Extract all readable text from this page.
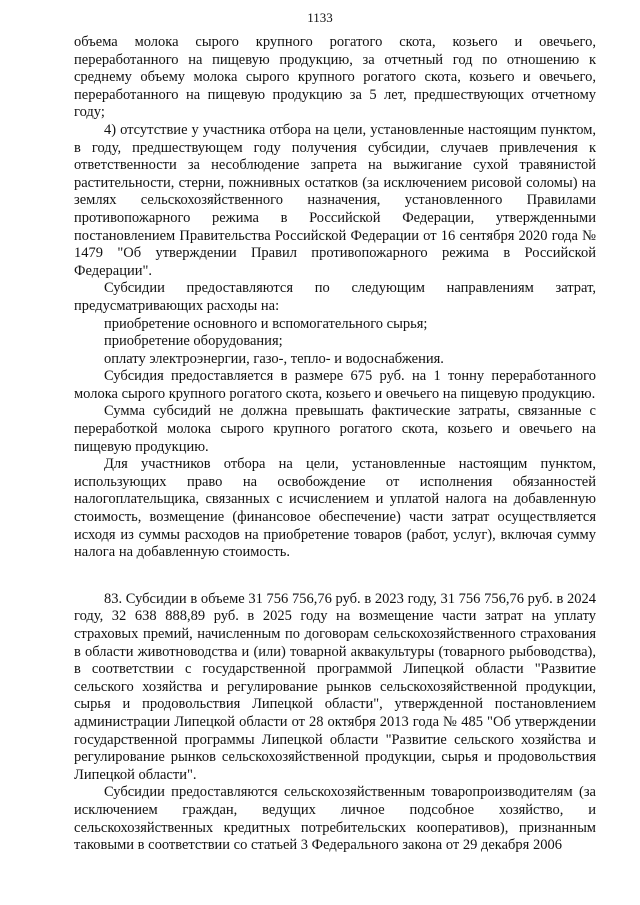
1133

объема молока сырого крупного рогатого скота, козьего и овечьего, переработанного на пищевую продукцию, за отчетный год по отношению к среднему объему молока сырого крупного рогатого скота, козьего и овечьего, переработанного на пищевую продукцию за 5 лет, предшествующих отчетному году;

4) отсутствие у участника отбора на цели, установленные настоящим пунктом, в году, предшествующем году получения субсидии, случаев привлечения к ответственности за несоблюдение запрета на выжигание сухой травянистой растительности, стерни, пожнивных остатков (за исключением рисовой соломы) на землях сельскохозяйственного назначения, установленного Правилами противопожарного режима в Российской Федерации, утвержденными постановлением Правительства Российской Федерации от 16 сентября 2020 года № 1479 "Об утверждении Правил противопожарного режима в Российской Федерации".

Субсидии предоставляются по следующим направлениям затрат, предусматривающих расходы на:

приобретение основного и вспомогательного сырья;

приобретение оборудования;

оплату электроэнергии, газо-, тепло- и водоснабжения.

Субсидия предоставляется в размере 675 руб. на 1 тонну переработанного молока сырого крупного рогатого скота, козьего и овечьего на пищевую продукцию.

Сумма субсидий не должна превышать фактические затраты, связанные с переработкой молока сырого крупного рогатого скота, козьего и овечьего на пищевую продукцию.

Для участников отбора на цели, установленные настоящим пунктом, использующих право на освобождение от исполнения обязанностей налогоплательщика, связанных с исчислением и уплатой налога на добавленную стоимость, возмещение (финансовое обеспечение) части затрат осуществляется исходя из суммы расходов на приобретение товаров (работ, услуг), включая сумму налога на добавленную стоимость.

83. Субсидии в объеме 31 756 756,76 руб. в 2023 году, 31 756 756,76 руб. в 2024 году, 32 638 888,89 руб. в 2025 году на возмещение части затрат на уплату страховых премий, начисленным по договорам сельскохозяйственного страхования в области животноводства и (или) товарной аквакультуры (товарного рыбоводства), в соответствии с государственной программой Липецкой области "Развитие сельского хозяйства и регулирование рынков сельскохозяйственной продукции, сырья и продовольствия Липецкой области", утвержденной постановлением администрации Липецкой области от 28 октября 2013 года № 485 "Об утверждении государственной программы Липецкой области "Развитие сельского хозяйства и регулирование рынков сельскохозяйственной продукции, сырья и продовольствия Липецкой области".

Субсидии предоставляются сельскохозяйственным товаропроизводителям (за исключением граждан, ведущих личное подсобное хозяйство, и сельскохозяйственных кредитных потребительских кооперативов), признанным таковыми в соответствии со статьей 3 Федерального закона от 29 декабря 2006
